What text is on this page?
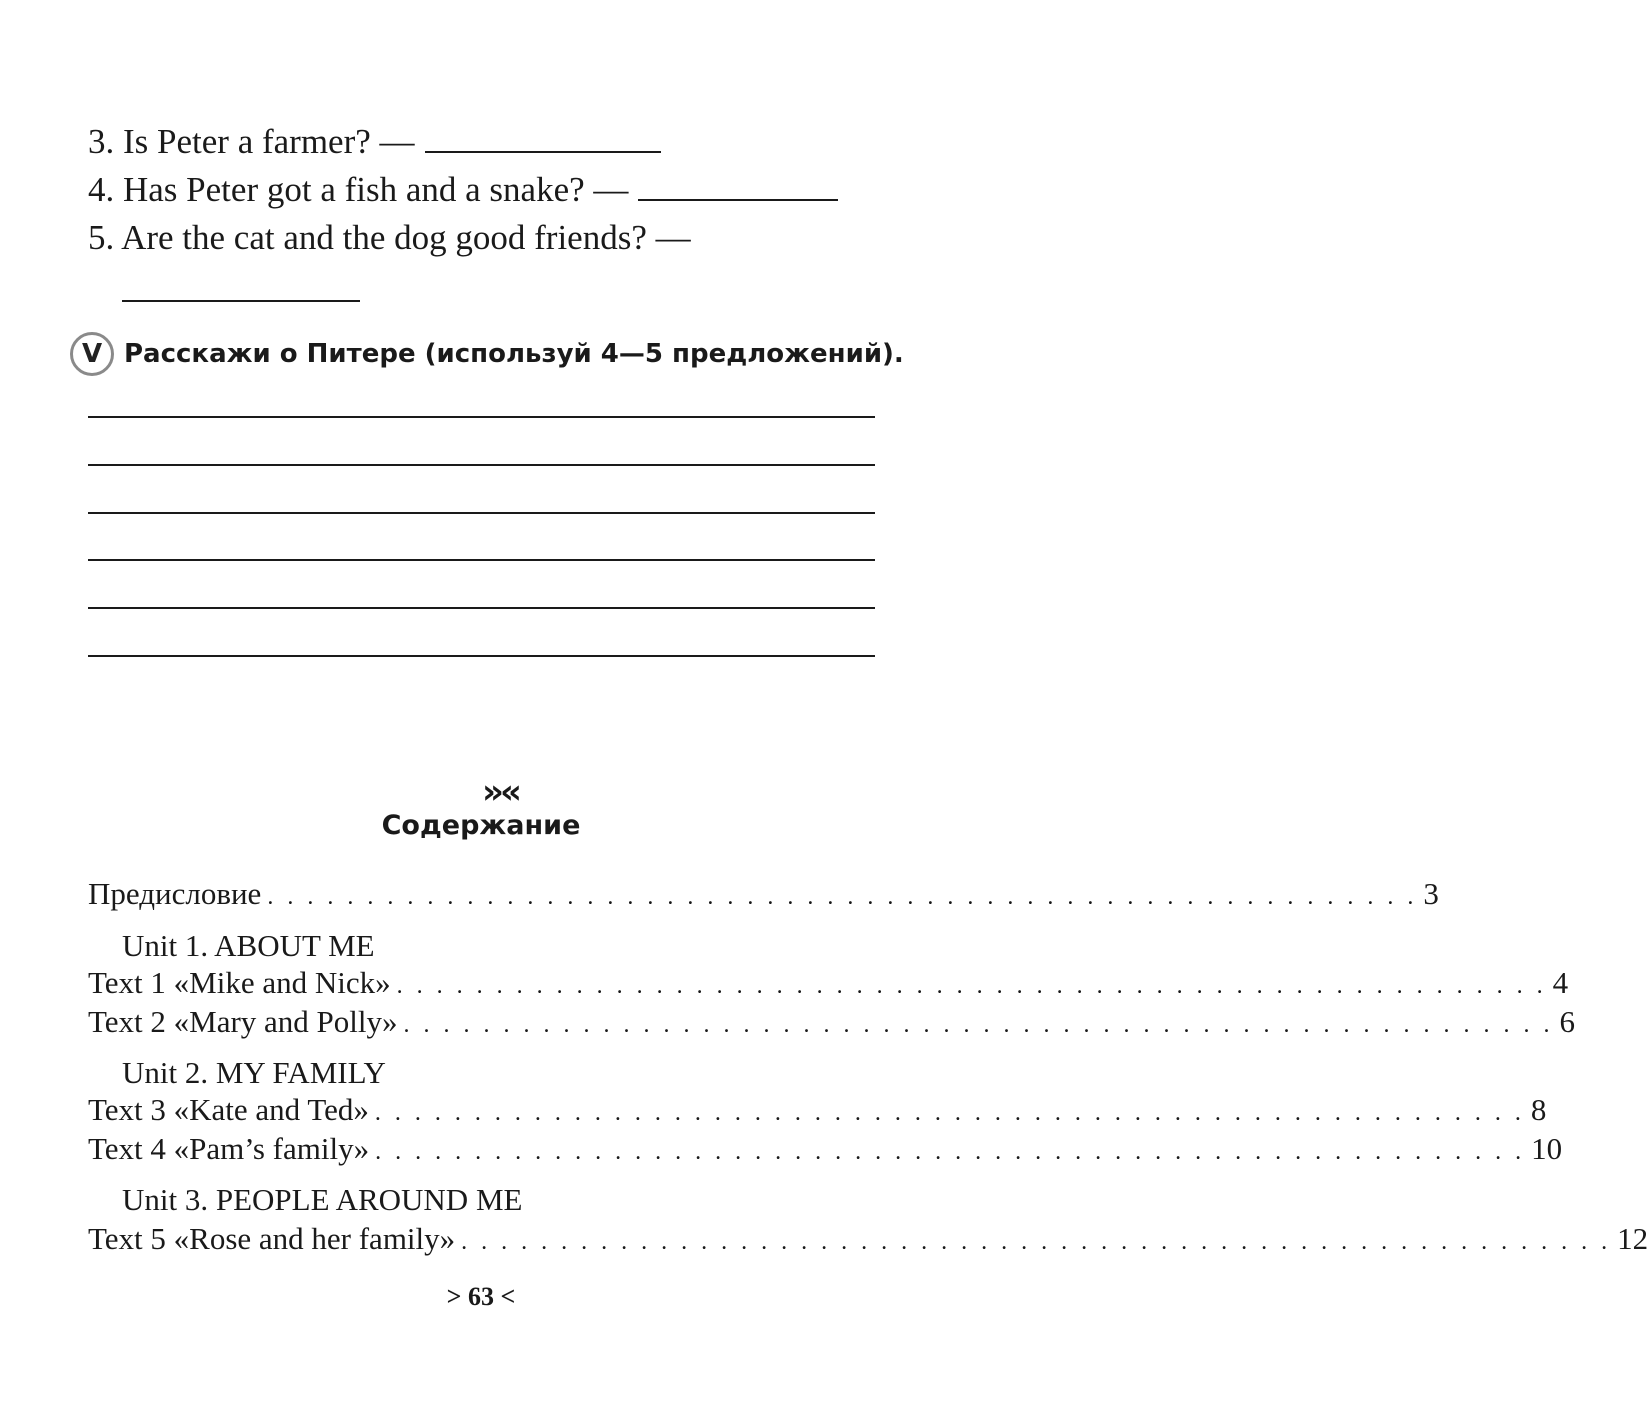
3. Is Peter a farmer? —
4. Has Peter got a fish and a snake? —
5. Are the cat and the dog good friends? —
V Расскажи о Питере (используй 4—5 предложений).
»«
Содержание
Предисловие . . . . . . . . . . . . . . . . . . . . . . . . . . . . . . . . . . . . . . . . . . . . . . . . . . . . . . . . . . 3
Unit 1. ABOUT ME
Text 1 «Mike and Nick» . . . . . . . . . . . . . . . . . . . . . . . . . . . . . . . . . . . . . . . . . . . . . . . . . . . . . . . . . . 4
Text 2 «Mary and Polly» . . . . . . . . . . . . . . . . . . . . . . . . . . . . . . . . . . . . . . . . . . . . . . . . . . . . . . . . . . 6
Unit 2. MY FAMILY
Text 3 «Kate and Ted» . . . . . . . . . . . . . . . . . . . . . . . . . . . . . . . . . . . . . . . . . . . . . . . . . . . . . . . . . . 8
Text 4 «Pam’s family» . . . . . . . . . . . . . . . . . . . . . . . . . . . . . . . . . . . . . . . . . . . . . . . . . . . . . . . . . . 10
Unit 3. PEOPLE AROUND ME
Text 5 «Rose and her family» . . . . . . . . . . . . . . . . . . . . . . . . . . . . . . . . . . . . . . . . . . . . . . . . . . . . . . . . . . 12
> 63 <
